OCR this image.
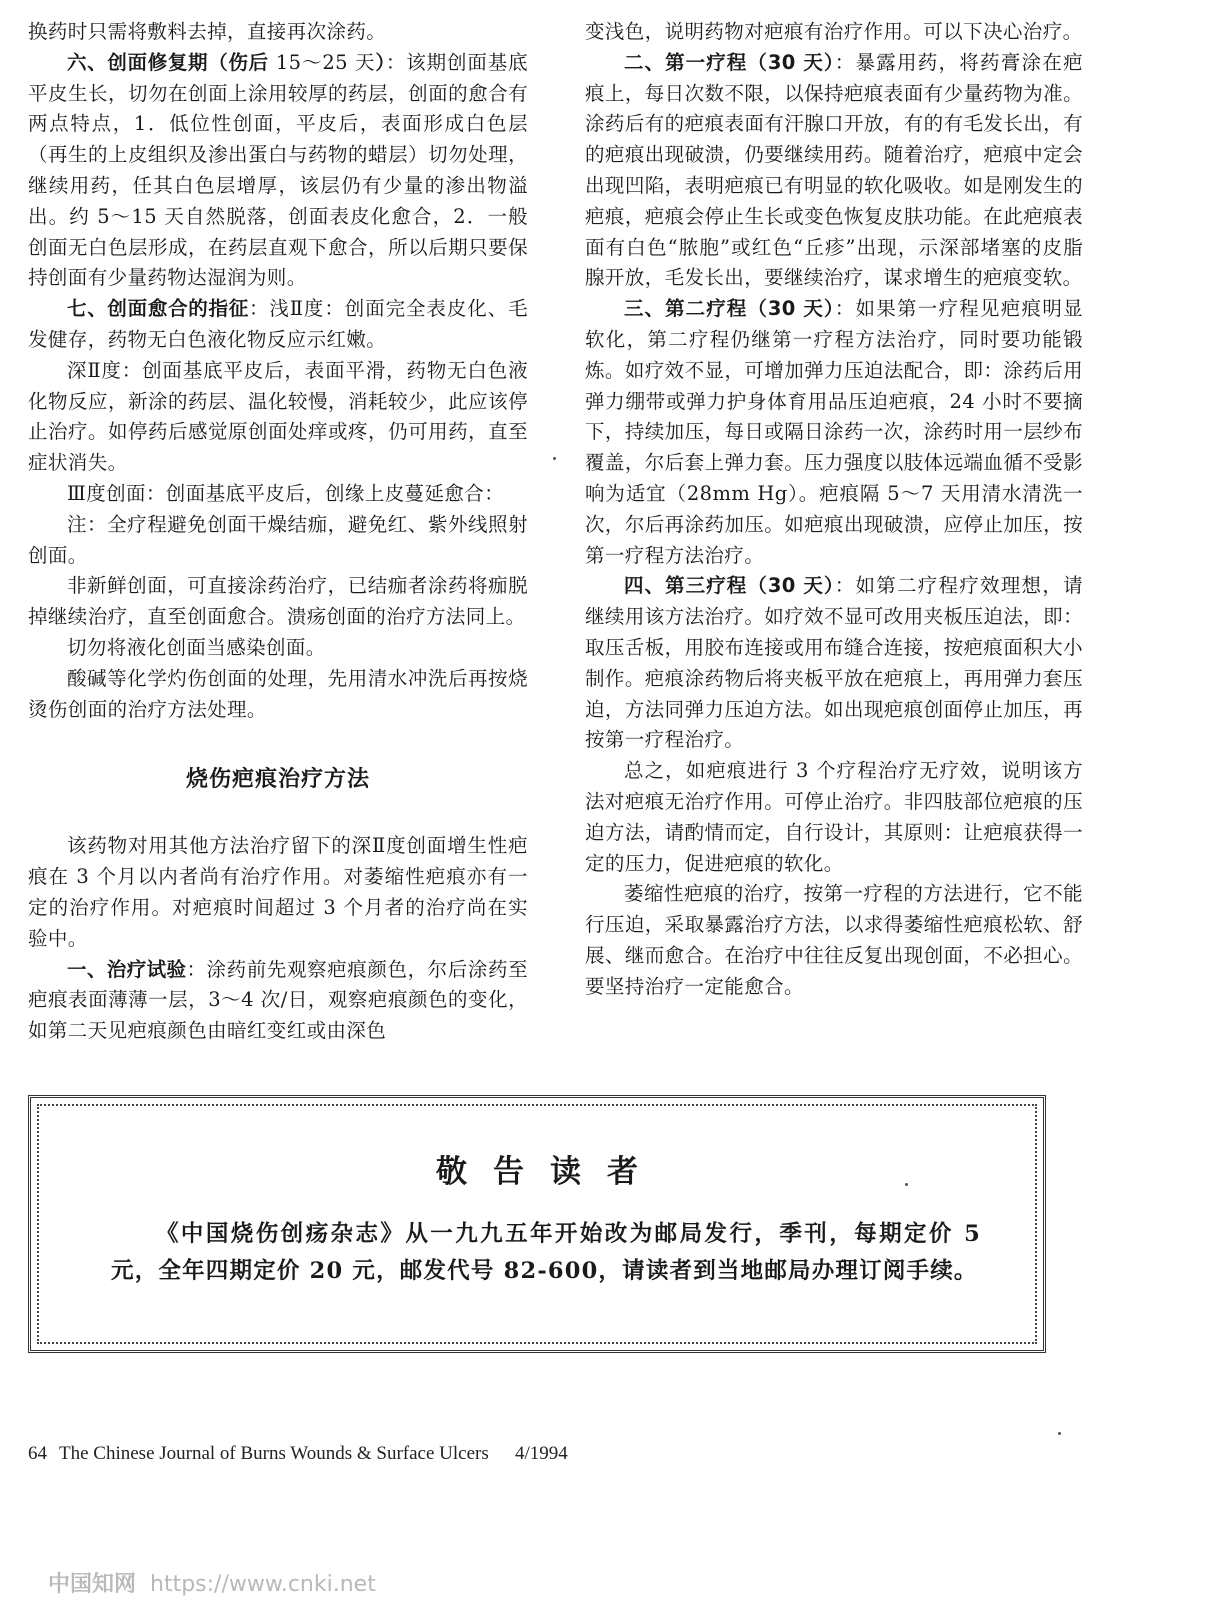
换药时只需将敷料去掉，直接再次涂药。

六、创面修复期（伤后 15～25 天）：该期创面基底平皮生长，切勿在创面上涂用较厚的药层，创面的愈合有两点特点，1．低位性创面，平皮后，表面形成白色层（再生的上皮组织及渗出蛋白与药物的蜡层）切勿处理，继续用药，任其白色层增厚，该层仍有少量的渗出物溢出。约 5～15 天自然脱落，创面表皮化愈合，2．一般创面无白色层形成，在药层直观下愈合，所以后期只要保持创面有少量药物达湿润为则。

七、创面愈合的指征：浅Ⅱ度：创面完全表皮化、毛发健存，药物无白色液化物反应示红嫩。

深Ⅱ度：创面基底平皮后，表面平滑，药物无白色液化物反应，新涂的药层、温化较慢，消耗较少，此应该停止治疗。如停药后感觉原创面处痒或疼，仍可用药，直至症状消失。

Ⅲ度创面：创面基底平皮后，创缘上皮蔓延愈合：

注：全疗程避免创面干燥结痂，避免红、紫外线照射创面。

非新鲜创面，可直接涂药治疗，已结痂者涂药将痂脱掉继续治疗，直至创面愈合。溃疡创面的治疗方法同上。

切勿将液化创面当感染创面。

酸碱等化学灼伤创面的处理，先用清水冲洗后再按烧烫伤创面的治疗方法处理。

烧伤疤痕治疗方法

该药物对用其他方法治疗留下的深Ⅱ度创面增生性疤痕在 3 个月以内者尚有治疗作用。对萎缩性疤痕亦有一定的治疗作用。对疤痕时间超过 3 个月者的治疗尚在实验中。

一、治疗试验：涂药前先观察疤痕颜色，尔后涂药至疤痕表面薄薄一层，3～4 次/日，观察疤痕颜色的变化，如第二天见疤痕颜色由暗红变红或由深色

变浅色，说明药物对疤痕有治疗作用。可以下决心治疗。

二、第一疗程（30 天）：暴露用药，将药膏涂在疤痕上，每日次数不限，以保持疤痕表面有少量药物为准。涂药后有的疤痕表面有汗腺口开放，有的有毛发长出，有的疤痕出现破溃，仍要继续用药。随着治疗，疤痕中定会出现凹陷，表明疤痕已有明显的软化吸收。如是刚发生的疤痕，疤痕会停止生长或变色恢复皮肤功能。在此疤痕表面有白色“脓胞”或红色“丘疹”出现，示深部堵塞的皮脂腺开放，毛发长出，要继续治疗，谋求增生的疤痕变软。

三、第二疗程（30 天）：如果第一疗程见疤痕明显软化，第二疗程仍继第一疗程方法治疗，同时要功能锻炼。如疗效不显，可增加弹力压迫法配合，即：涂药后用弹力绷带或弹力护身体育用品压迫疤痕，24 小时不要摘下，持续加压，每日或隔日涂药一次，涂药时用一层纱布覆盖，尔后套上弹力套。压力强度以肢体远端血循不受影响为适宜（28mm Hg）。疤痕隔 5～7 天用清水清洗一次，尔后再涂药加压。如疤痕出现破溃，应停止加压，按第一疗程方法治疗。

四、第三疗程（30 天）：如第二疗程疗效理想，请继续用该方法治疗。如疗效不显可改用夹板压迫法，即：取压舌板，用胶布连接或用布缝合连接，按疤痕面积大小制作。疤痕涂药物后将夹板平放在疤痕上，再用弹力套压迫，方法同弹力压迫方法。如出现疤痕创面停止加压，再按第一疗程治疗。

总之，如疤痕进行 3 个疗程治疗无疗效，说明该方法对疤痕无治疗作用。可停止治疗。非四肢部位疤痕的压迫方法，请酌情而定，自行设计，其原则：让疤痕获得一定的压力，促进疤痕的软化。

萎缩性疤痕的治疗，按第一疗程的方法进行，它不能行压迫，采取暴露治疗方法，以求得萎缩性疤痕松软、舒展、继而愈合。在治疗中往往反复出现创面，不必担心。要坚持治疗一定能愈合。

敬告读者
《中国烧伤创疡杂志》从一九九五年开始改为邮局发行，季刊，每期定价 5 元，全年四期定价 20 元，邮发代号 82-600，请读者到当地邮局办理订阅手续。
64 The Chinese Journal of Burns Wounds & Surface Ulcers 4/1994
中国知网 https://www.cnki.net
